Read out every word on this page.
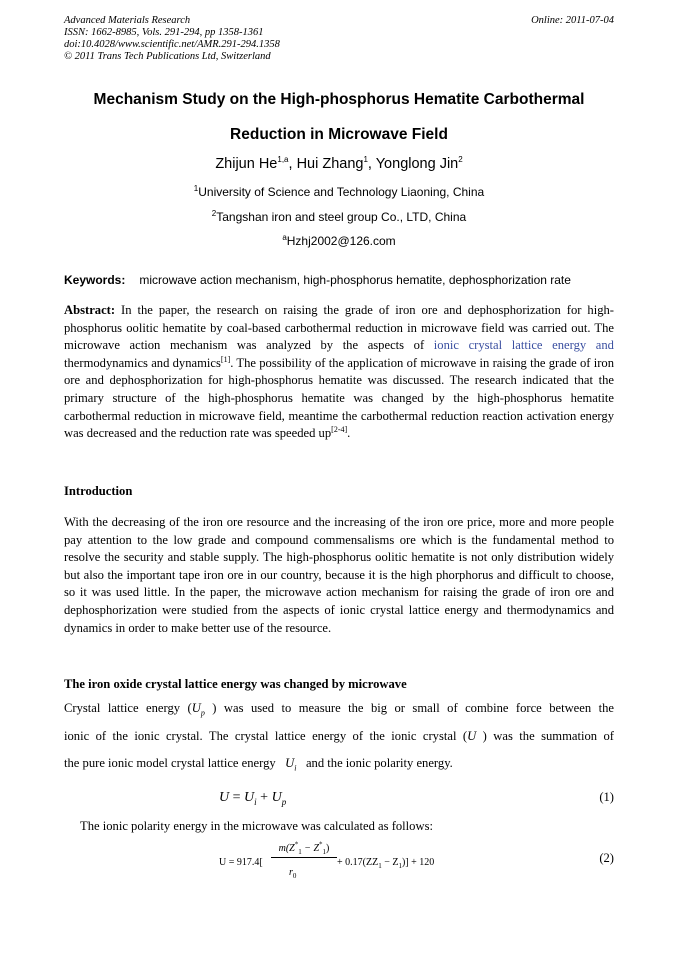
Advanced Materials Research
ISSN: 1662-8985, Vols. 291-294, pp 1358-1361
doi:10.4028/www.scientific.net/AMR.291-294.1358
© 2011 Trans Tech Publications Ltd, Switzerland
Online: 2011-07-04
Mechanism Study on the High-phosphorus Hematite Carbothermal
Reduction in Microwave Field
Zhijun He$^{1,a}$, Hui Zhang$^1$, Yonglong Jin$^2$
$^1$University of Science and Technology Liaoning, China
$^2$Tangshan iron and steel group Co., LTD, China
$^a$Hzhj2002@126.com
Keywords: microwave action mechanism, high-phosphorus hematite, dephosphorization rate

Abstract: In the paper, the research on raising the grade of iron ore and dephosphorization for high-phosphorus oolitic hematite by coal-based carbothermal reduction in microwave field was carried out. The microwave action mechanism was analyzed by the aspects of ionic crystal lattice energy and thermodynamics and dynamics[1]. The possibility of the application of microwave in raising the grade of iron ore and dephosphorization for high-phosphorus hematite was discussed. The research indicated that the primary structure of the high-phosphorus hematite was changed by the high-phosphorus hematite carbothermal reduction in microwave field, meantime the carbothermal reduction reaction activation energy was decreased and the reduction rate was speeded up[2-4].

Introduction

With the decreasing of the iron ore resource and the increasing of the iron ore price, more and more people pay attention to the low grade and compound commensalisms ore which is the fundamental method to resolve the security and stable supply. The high-phosphorus oolitic hematite is not only distribution widely but also the important tape iron ore in our country, because it is the high phorphorus and difficult to choose, so it was used little. In the paper, the microwave action mechanism for raising the grade of iron ore and dephosphorization were studied from the aspects of ionic crystal lattice energy and thermodynamics and dynamics in order to make better use of the resource.

The iron oxide crystal lattice energy was changed by microwave
Crystal lattice energy ($U_p$ ) was used to measure the big or small of combine force between the
ionic of the ionic crystal. The crystal lattice energy of the ionic crystal (U ) was the summation of
the pure ionic model crystal lattice energy $U_i$ and the ionic polarity energy.
$U = U_i + U_p$	(1)
The ionic polarity energy in the microwave was calculated as follows:
U = 917.4[
$m(Z^*_1 - Z^*_1)$
$r_0$
+ $0.17(ZZ_1 - Z_1)] + 120$	(2)
